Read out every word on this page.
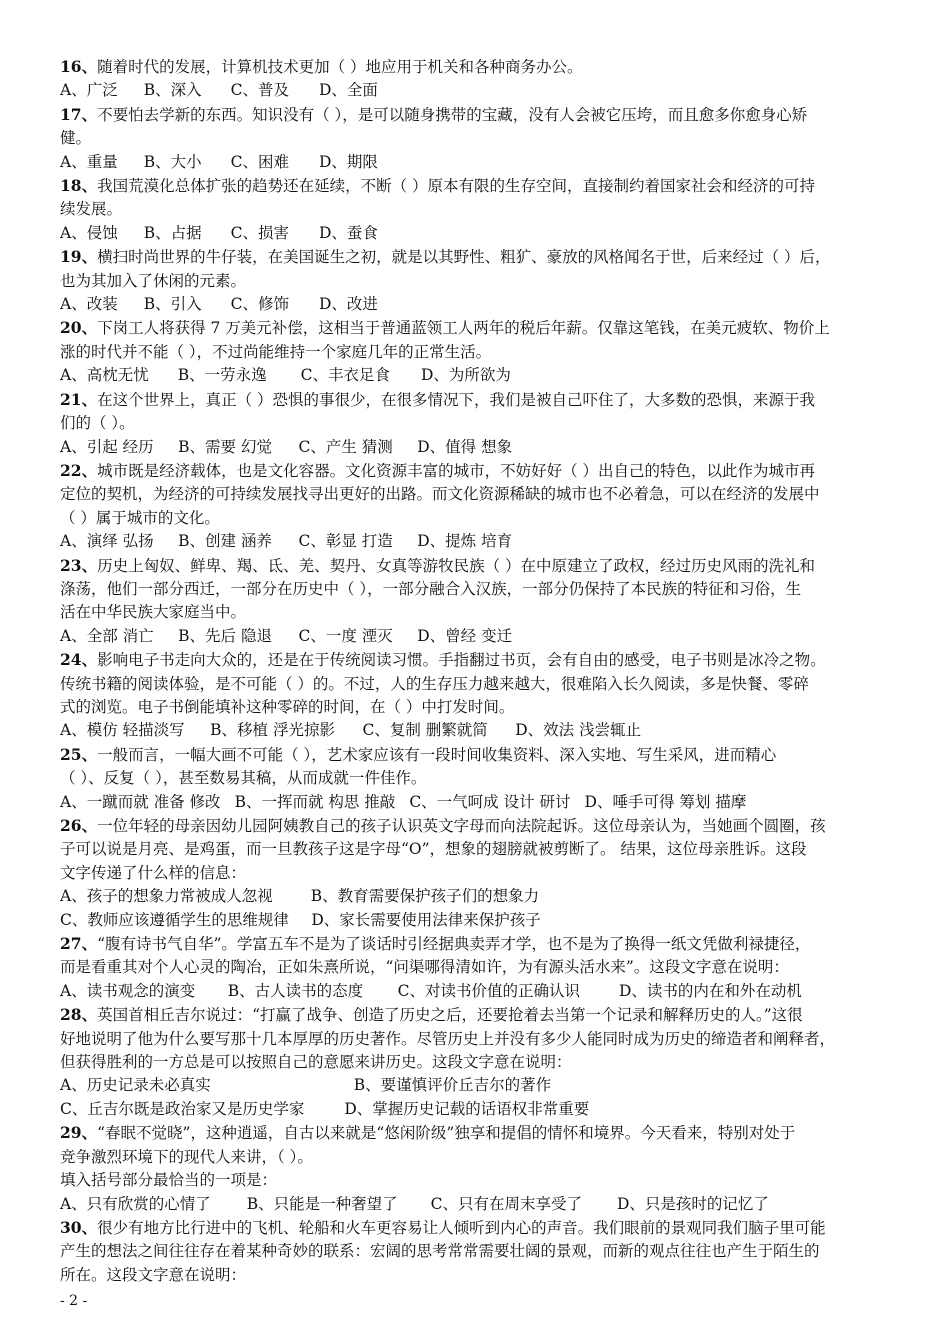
16、随着时代的发展，计算机技术更加（ ）地应用于机关和各种商务办公。
A、广泛 B、深入 C、普及 D、全面
17、不要怕去学新的东西。知识没有（ ），是可以随身携带的宝藏，没有人会被它压垮，而且愈多你愈身心矫
健。
A、重量 B、大小 C、困难 D、期限
18、我国荒漠化总体扩张的趋势还在延续，不断（ ）原本有限的生存空间，直接制约着国家社会和经济的可持
续发展。
A、侵蚀 B、占据 C、损害 D、蚕食
19、横扫时尚世界的牛仔装，在美国诞生之初，就是以其野性、粗犷、豪放的风格闻名于世，后来经过（ ）后，
也为其加入了休闲的元素。
A、改装 B、引入 C、修饰 D、改进
20、下岗工人将获得 7 万美元补偿，这相当于普通蓝领工人两年的税后年薪。仅靠这笔钱，在美元疲软、物价上
涨的时代并不能（ ），不过尚能维持一个家庭几年的正常生活。
A、高枕无忧 B、一劳永逸 C、丰衣足食 D、为所欲为
21、在这个世界上，真正（ ）恐惧的事很少，在很多情况下，我们是被自己吓住了，大多数的恐惧，来源于我
们的（ ）。
A、引起 经历 B、需要 幻觉 C、产生 猜测 D、值得 想象
22、城市既是经济载体，也是文化容器。文化资源丰富的城市，不妨好好（ ）出自己的特色，以此作为城市再
定位的契机，为经济的可持续发展找寻出更好的出路。而文化资源稀缺的城市也不必着急，可以在经济的发展中
（ ）属于城市的文化。
A、演绎 弘扬 B、创建 涵养 C、彰显 打造 D、提炼 培育
23、历史上匈奴、鲜卑、羯、氐、羌、契丹、女真等游牧民族（ ）在中原建立了政权，经过历史风雨的洗礼和
涤荡，他们一部分西迁，一部分在历史中（ ），一部分融合入汉族，一部分仍保持了本民族的特征和习俗，生
活在中华民族大家庭当中。
A、全部 消亡 B、先后 隐退 C、一度 湮灭 D、曾经 变迁
24、影响电子书走向大众的，还是在于传统阅读习惯。手指翻过书页，会有自由的感受，电子书则是冰冷之物。
传统书籍的阅读体验，是不可能（ ）的。不过，人的生存压力越来越大，很难陷入长久阅读，多是快餐、零碎
式的浏览。电子书倒能填补这种零碎的时间，在（ ）中打发时间。
A、模仿 轻描淡写 B、移植 浮光掠影 C、复制 删繁就简 D、效法 浅尝辄止
25、一般而言，一幅大画不可能（ ），艺术家应该有一段时间收集资料、深入实地、写生采风，进而精心
（ ）、反复（ ），甚至数易其稿，从而成就一件佳作。
A、一蹴而就 准备 修改 B、一挥而就 构思 推敲 C、一气呵成 设计 研讨 D、唾手可得 筹划 描摩
26、一位年轻的母亲因幼儿园阿姨教自己的孩子认识英文字母而向法院起诉。这位母亲认为，当她画个圆圈，孩
子可以说是月亮、是鸡蛋，而一旦教孩子这是字母“O”，想象的翅膀就被剪断了。 结果，这位母亲胜诉。这段
文字传递了什么样的信息：
A、孩子的想象力常被成人忽视 B、教育需要保护孩子们的想象力
C、教师应该遵循学生的思维规律 D、家长需要使用法律来保护孩子
27、“腹有诗书气自华”。学富五车不是为了谈话时引经据典卖弄才学，也不是为了换得一纸文凭做利禄捷径，
而是看重其对个人心灵的陶冶，正如朱熹所说，“问渠哪得清如许，为有源头活水来”。这段文字意在说明：
A、读书观念的演变 B、古人读书的态度 C、对读书价值的正确认识	D、读书的内在和外在动机
28、英国首相丘吉尔说过：“打赢了战争、创造了历史之后，还要抢着去当第一个记录和解释历史的人。”这很
好地说明了他为什么要写那十几本厚厚的历史著作。尽管历史上并没有多少人能同时成为历史的缔造者和阐释者，
但获得胜利的一方总是可以按照自己的意愿来讲历史。这段文字意在说明：
A、历史记录未必真实	B、要谨慎评价丘吉尔的著作
C、丘吉尔既是政治家又是历史学家	D、掌握历史记载的话语权非常重要
29、“春眠不觉晓”，这种逍遥，自古以来就是“悠闲阶级”独享和提倡的情怀和境界。今天看来，特别对处于
竞争激烈环境下的现代人来讲，（ ）。
填入括号部分最恰当的一项是：
A、只有欣赏的心情了 B、只能是一种奢望了 C、只有在周末享受了 D、只是孩时的记忆了
30、很少有地方比行进中的飞机、轮船和火车更容易让人倾听到内心的声音。我们眼前的景观同我们脑子里可能
产生的想法之间往往存在着某种奇妙的联系：宏阔的思考常常需要壮阔的景观，而新的观点往往也产生于陌生的
所在。这段文字意在说明：
- 2 -
